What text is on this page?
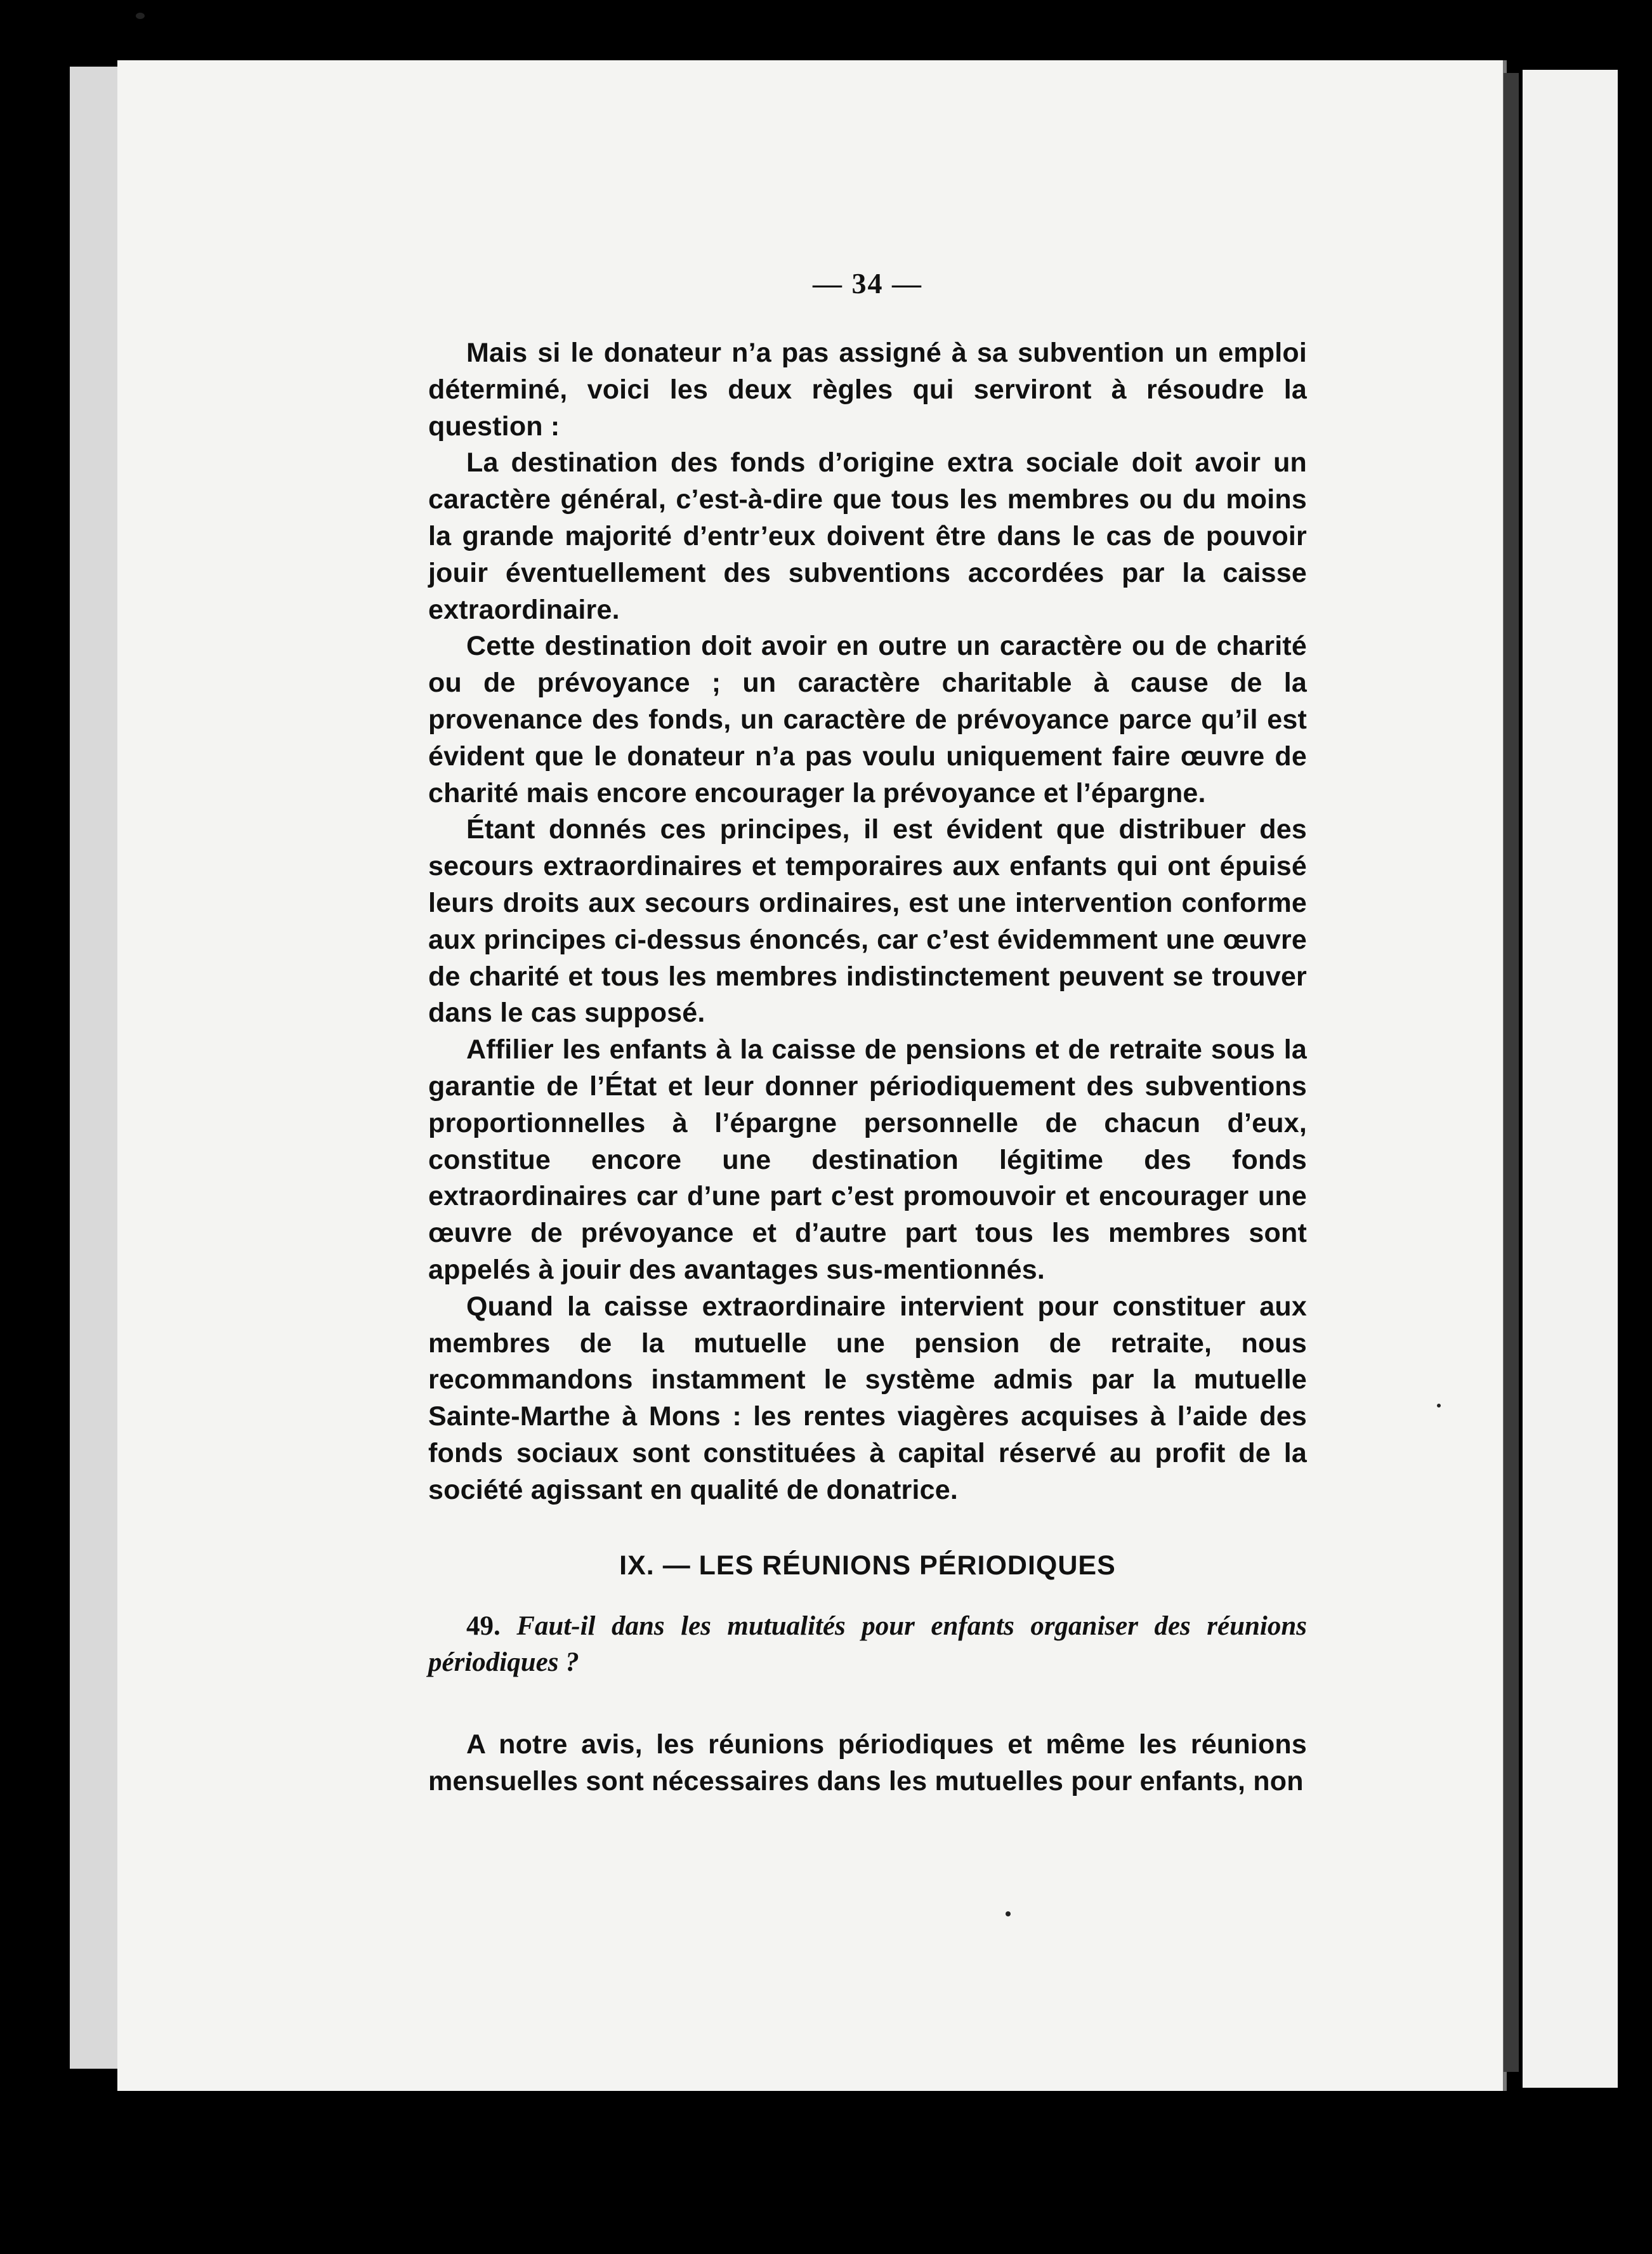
— 34 —

Mais si le donateur n’a pas assigné à sa subvention un emploi déterminé, voici les deux règles qui serviront à résoudre la question :

La destination des fonds d’origine extra sociale doit avoir un caractère général, c’est-à-dire que tous les membres ou du moins la grande majorité d’entr’eux doivent être dans le cas de pouvoir jouir éventuellement des subventions accordées par la caisse extraordinaire.

Cette destination doit avoir en outre un caractère ou de charité ou de prévoyance ; un caractère charitable à cause de la provenance des fonds, un caractère de prévoyance parce qu’il est évident que le donateur n’a pas voulu uniquement faire œuvre de charité mais encore encourager la prévoyance et l’épargne.

Étant donnés ces principes, il est évident que distribuer des secours extraordinaires et temporaires aux enfants qui ont épuisé leurs droits aux secours ordinaires, est une intervention conforme aux principes ci-dessus énoncés, car c’est évidemment une œuvre de charité et tous les membres indistinctement peuvent se trouver dans le cas supposé.

Affilier les enfants à la caisse de pensions et de retraite sous la garantie de l’État et leur donner périodiquement des subventions proportionnelles à l’épargne personnelle de chacun d’eux, constitue encore une destination légitime des fonds extraordinaires car d’une part c’est promouvoir et encourager une œuvre de prévoyance et d’autre part tous les membres sont appelés à jouir des avantages sus-mentionnés.

Quand la caisse extraordinaire intervient pour constituer aux membres de la mutuelle une pension de retraite, nous recommandons instamment le système admis par la mutuelle Sainte-Marthe à Mons : les rentes viagères acquises à l’aide des fonds sociaux sont constituées à capital réservé au profit de la société agissant en qualité de donatrice.

IX. — LES RÉUNIONS PÉRIODIQUES

49. Faut-il dans les mutualités pour enfants organiser des réunions périodiques ?

A notre avis, les réunions périodiques et même les réunions mensuelles sont nécessaires dans les mutuelles pour enfants, non
